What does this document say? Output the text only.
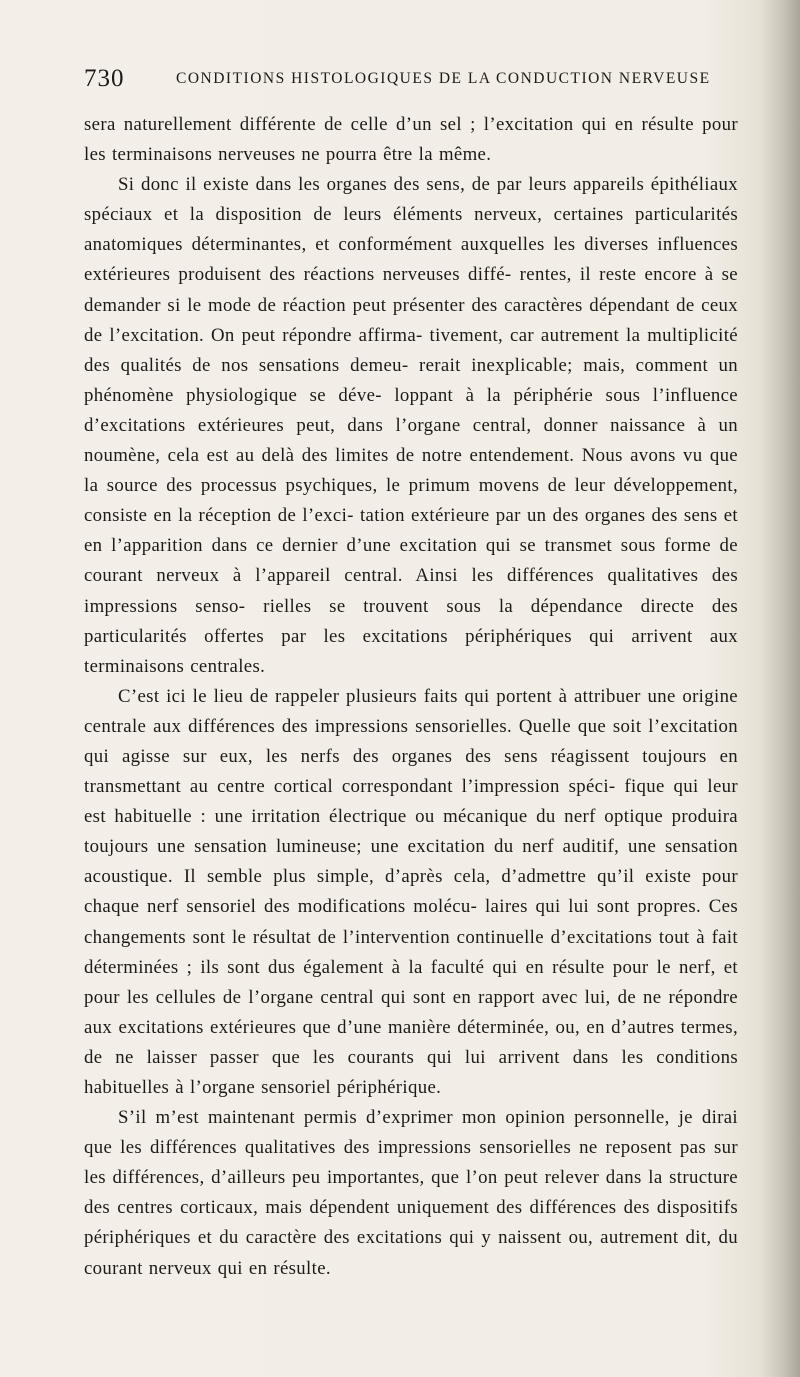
730	CONDITIONS HISTOLOGIQUES DE LA CONDUCTION NERVEUSE

sera naturellement différente de celle d’un sel ; l’excitation qui en résulte pour les terminaisons nerveuses ne pourra être la même.

Si donc il existe dans les organes des sens, de par leurs appareils épithéliaux spéciaux et la disposition de leurs éléments nerveux, certaines particularités anatomiques déterminantes, et conformément auxquelles les diverses influences extérieures produisent des réactions nerveuses diffé- rentes, il reste encore à se demander si le mode de réaction peut présenter des caractères dépendant de ceux de l’excitation. On peut répondre affirma- tivement, car autrement la multiplicité des qualités de nos sensations demeu- rerait inexplicable; mais, comment un phénomène physiologique se déve- loppant à la périphérie sous l’influence d’excitations extérieures peut, dans l’organe central, donner naissance à un noumène, cela est au delà des limites de notre entendement. Nous avons vu que la source des processus psychiques, le primum movens de leur développement, consiste en la réception de l’exci- tation extérieure par un des organes des sens et en l’apparition dans ce dernier d’une excitation qui se transmet sous forme de courant nerveux à l’appareil central. Ainsi les différences qualitatives des impressions senso- rielles se trouvent sous la dépendance directe des particularités offertes par les excitations périphériques qui arrivent aux terminaisons centrales.

C’est ici le lieu de rappeler plusieurs faits qui portent à attribuer une origine centrale aux différences des impressions sensorielles. Quelle que soit l’excitation qui agisse sur eux, les nerfs des organes des sens réagissent toujours en transmettant au centre cortical correspondant l’impression spéci- fique qui leur est habituelle : une irritation électrique ou mécanique du nerf optique produira toujours une sensation lumineuse; une excitation du nerf auditif, une sensation acoustique. Il semble plus simple, d’après cela, d’admettre qu’il existe pour chaque nerf sensoriel des modifications molécu- laires qui lui sont propres. Ces changements sont le résultat de l’intervention continuelle d’excitations tout à fait déterminées ; ils sont dus également à la faculté qui en résulte pour le nerf, et pour les cellules de l’organe central qui sont en rapport avec lui, de ne répondre aux excitations extérieures que d’une manière déterminée, ou, en d’autres termes, de ne laisser passer que les courants qui lui arrivent dans les conditions habituelles à l’organe sensoriel périphérique.

S’il m’est maintenant permis d’exprimer mon opinion personnelle, je dirai que les différences qualitatives des impressions sensorielles ne reposent pas sur les différences, d’ailleurs peu importantes, que l’on peut relever dans la structure des centres corticaux, mais dépendent uniquement des différences des dispositifs périphériques et du caractère des excitations qui y naissent ou, autrement dit, du courant nerveux qui en résulte.
